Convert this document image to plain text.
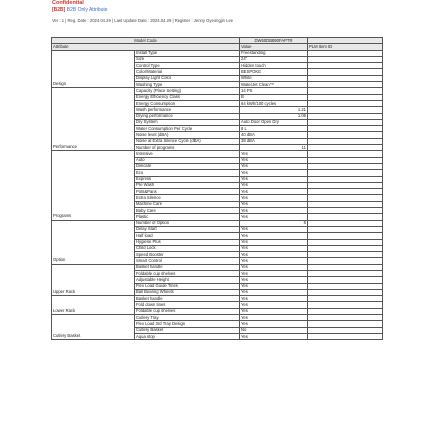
Confidential
[B2B] B2B Only Attribute
Ver : 1 | Reg. Date : 2024.04.29 | Last Update Date : 2024.04.29 | Register : Jenny Gyeongjin Lee
Model Code		DW60DB890FAPTR	
Attribute		Value	PLM Item ID
Design	Install Type	Freestanding	
	Size	24"	
	Control Type	Hidden touch	
	Color/Material	BESPOKE	
	Display Light Color	White	
	Washing Type	WaterJet Clean™	
Performance	Capacity (Place Setting)	14 PS	
	Energy Efficiency Class	B	
	Energy Consumption	64 kWh/100 cycles	
	Wash performance	1.21	
	Drying performance	1.06	
	Dry System	Auto Door Open Dry	
	Water Consumption Per Cycle	8 L	
	Noise level (dBA)	40 dBA	
	Noise at Extra Silence Cycle (dBA)	38 dBA	
	Number of programs	11	
Programs	Intensive	Yes	
	Auto	Yes	
	Delicate	Yes	
	Eco	Yes	
	Express	Yes	
	Pre Wash	Yes	
	Pots&Pans	Yes	
	Extra Silence	Yes	
	Machine Care	Yes	
	Baby Care	Yes	
	Plastic	Yes	
Option	Number of Option	6	
	Delay Start	Yes	
	Half load	Yes	
	Hygiene Plus	Yes	
	Child Lock	Yes	
	Speed Booster	Yes	
	Smart Control	Yes	
Upper Rack	Basket handle	Yes	
	Foldable cup shelves	Yes	
	Adjustable Height	Yes	
	Flex Load Guide Tines	Yes	
	Ball Bearing Wheels	Yes	
Lower Rack	Basket handle	Yes	
	Fold down tines	Yes	
	Foldable cup shelves	Yes	
Cutlery Basket	Cutlery Tray	Yes	
	Flex Load 3rd Tray Design	Yes	
	Cutlery Basket	No	
	Aqua stop	Yes	
